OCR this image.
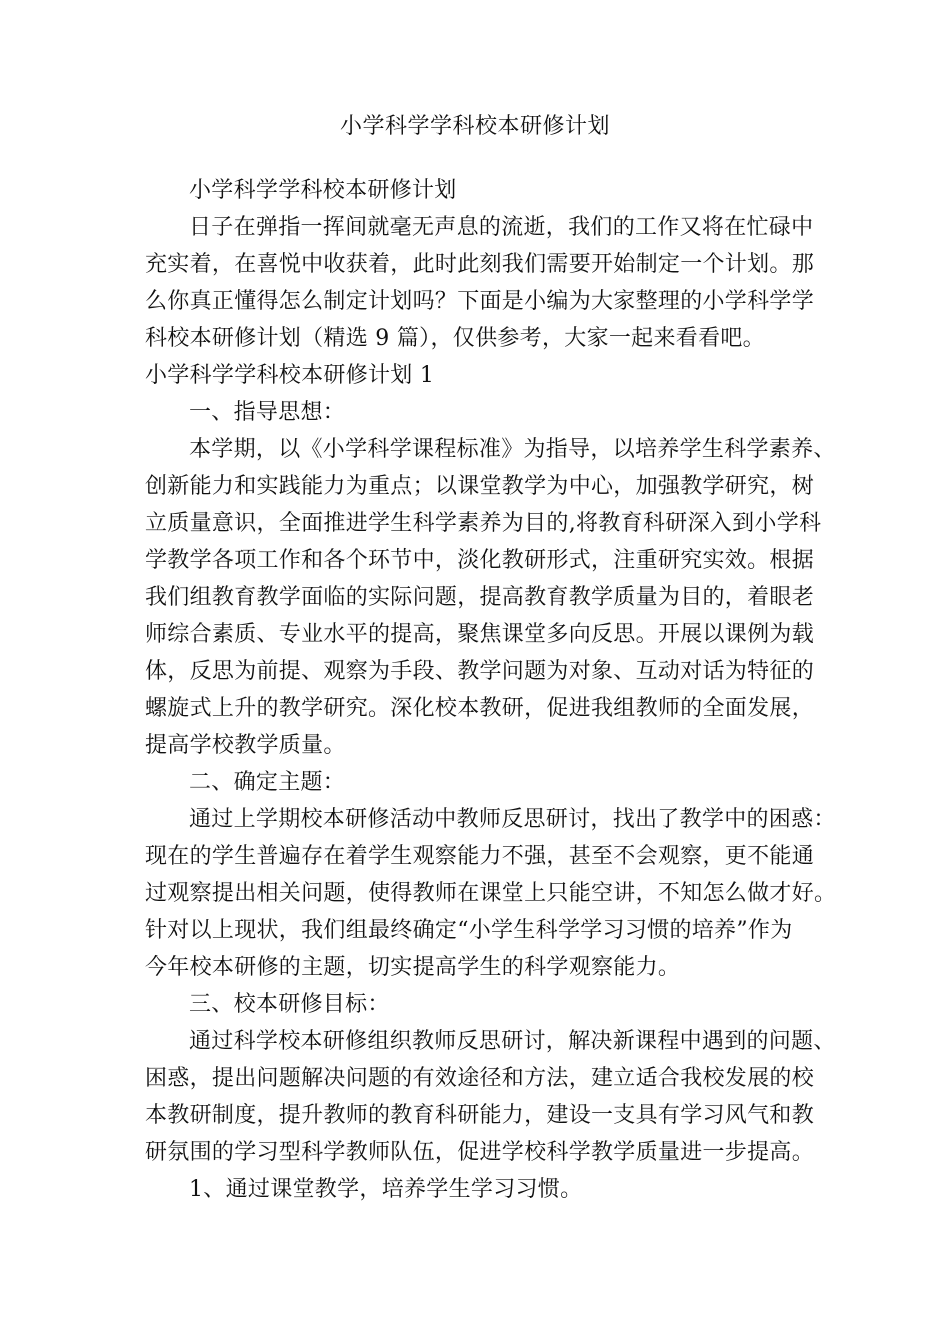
小学科学学科校本研修计划
小学科学学科校本研修计划
日子在弹指一挥间就毫无声息的流逝，我们的工作又将在忙碌中
充实着，在喜悦中收获着，此时此刻我们需要开始制定一个计划。那
么你真正懂得怎么制定计划吗？下面是小编为大家整理的小学科学学
科校本研修计划（精选 9 篇），仅供参考，大家一起来看看吧。
小学科学学科校本研修计划 1
一、指导思想：
本学期，以《小学科学课程标准》为指导，以培养学生科学素养、
创新能力和实践能力为重点；以课堂教学为中心，加强教学研究，树
立质量意识，全面推进学生科学素养为目的,将教育科研深入到小学科
学教学各项工作和各个环节中，淡化教研形式，注重研究实效。根据
我们组教育教学面临的实际问题，提高教育教学质量为目的，着眼老
师综合素质、专业水平的提高，聚焦课堂多向反思。开展以课例为载
体，反思为前提、观察为手段、教学问题为对象、互动对话为特征的
螺旋式上升的教学研究。深化校本教研，促进我组教师的全面发展，
提高学校教学质量。
二、确定主题：
通过上学期校本研修活动中教师反思研讨，找出了教学中的困惑：
现在的学生普遍存在着学生观察能力不强，甚至不会观察，更不能通
过观察提出相关问题，使得教师在课堂上只能空讲，不知怎么做才好。
针对以上现状，我们组最终确定“小学生科学学习习惯的培养”作为
今年校本研修的主题，切实提高学生的科学观察能力。
三、校本研修目标：
通过科学校本研修组织教师反思研讨，解决新课程中遇到的问题、
困惑，提出问题解决问题的有效途径和方法，建立适合我校发展的校
本教研制度，提升教师的教育科研能力，建设一支具有学习风气和教
研氛围的学习型科学教师队伍，促进学校科学教学质量进一步提高。
1、通过课堂教学，培养学生学习习惯。
